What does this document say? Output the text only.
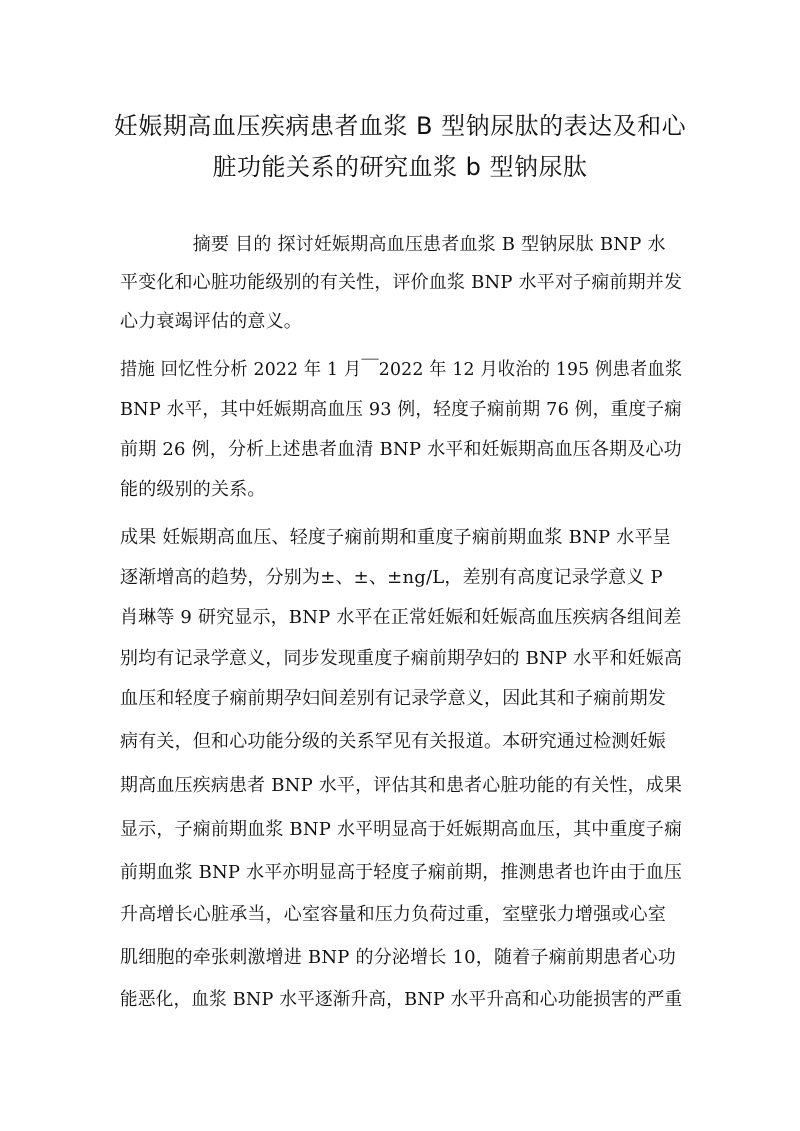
妊娠期高血压疾病患者血浆 B 型钠尿肽的表达及和心
脏功能关系的研究血浆 b 型钠尿肽
　　　　摘要 目的 探讨妊娠期高血压患者血浆 B 型钠尿肽 BNP 水
平变化和心脏功能级别的有关性，评价血浆 BNP 水平对子痫前期并发
心力衰竭评估的意义。
措施 回忆性分析 2022 年 1 月￣2022 年 12 月收治的 195 例患者血浆
BNP 水平，其中妊娠期高血压 93 例，轻度子痫前期 76 例，重度子痫
前期 26 例，分析上述患者血清 BNP 水平和妊娠期高血压各期及心功
能的级别的关系。
成果 妊娠期高血压、轻度子痫前期和重度子痫前期血浆 BNP 水平呈
逐渐增高的趋势，分别为±、±、±ng/L，差别有高度记录学意义 P
肖琳等 9 研究显示，BNP 水平在正常妊娠和妊娠高血压疾病各组间差
别均有记录学意义，同步发现重度子痫前期孕妇的 BNP 水平和妊娠高
血压和轻度子痫前期孕妇间差别有记录学意义，因此其和子痫前期发
病有关，但和心功能分级的关系罕见有关报道。本研究通过检测妊娠
期高血压疾病患者 BNP 水平，评估其和患者心脏功能的有关性，成果
显示，子痫前期血浆 BNP 水平明显高于妊娠期高血压，其中重度子痫
前期血浆 BNP 水平亦明显高于轻度子痫前期，推测患者也许由于血压
升高增长心脏承当，心室容量和压力负荷过重，室壁张力增强或心室
肌细胞的牵张刺激增进 BNP 的分泌增长 10，随着子痫前期患者心功
能恶化，血浆 BNP 水平逐渐升高，BNP 水平升高和心功能损害的严重
